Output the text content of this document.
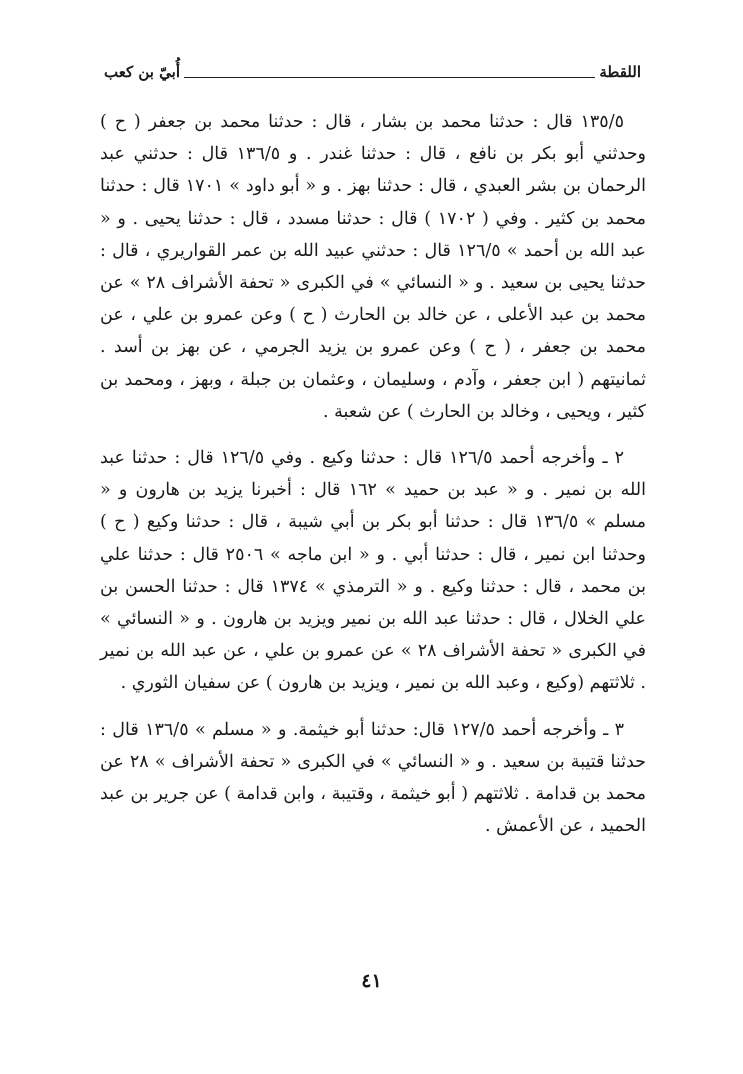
اللقطة
أُبيّ بن كعب

١٣٥/٥ قال : حدثنا محمد بن بشار ، قال : حدثنا محمد بن جعفر ( ح ) وحدثني أبو بكر بن نافع ، قال : حدثنا غندر . و ١٣٦/٥ قال : حدثني عبد الرحمان بن بشر العبدي ، قال : حدثنا بهز . و « أبو داود » ١٧٠١ قال : حدثنا محمد بن كثير . وفي ( ١٧٠٢ ) قال : حدثنا مسدد ، قال : حدثنا يحيى . و « عبد الله بن أحمد » ١٢٦/٥ قال : حدثني عبيد الله بن عمر القواريري ، قال : حدثنا يحيى بن سعيد . و « النسائي » في الكبرى « تحفة الأشراف ٢٨ » عن محمد بن عبد الأعلى ، عن خالد بن الحارث ( ح ) وعن عمرو بن علي ، عن محمد بن جعفر ، ( ح ) وعن عمرو بن يزيد الجرمي ، عن بهز بن أسد . ثمانيتهم ( ابن جعفر ، وآدم ، وسليمان ، وعثمان بن جبلة ، وبهز ، ومحمد بن كثير ، ويحيى ، وخالد بن الحارث ) عن شعبة .

٢ ـ وأخرجه أحمد ١٢٦/٥ قال : حدثنا وكيع . وفي ١٢٦/٥ قال : حدثنا عبد الله بن نمير . و « عبد بن حميد » ١٦٢ قال : أخبرنا يزيد بن هارون و « مسلم » ١٣٦/٥ قال : حدثنا أبو بكر بن أبي شيبة ، قال : حدثنا وكيع ( ح ) وحدثنا ابن نمير ، قال : حدثنا أبي . و « ابن ماجه » ٢٥٠٦ قال : حدثنا علي بن محمد ، قال : حدثنا وكيع . و « الترمذي » ١٣٧٤ قال : حدثنا الحسن بن علي الخلال ، قال : حدثنا عبد الله بن نمير ويزيد بن هارون . و « النسائي » في الكبرى « تحفة الأشراف ٢٨ » عن عمرو بن علي ، عن عبد الله بن نمير . ثلاثتهم (وكيع ، وعبد الله بن نمير ، ويزيد بن هارون ) عن سفيان الثوري .

٣ ـ وأخرجه أحمد ١٢٧/٥ قال: حدثنا أبو خيثمة. و « مسلم » ١٣٦/٥ قال : حدثنا قتيبة بن سعيد . و « النسائي » في الكبرى « تحفة الأشراف » ٢٨ عن محمد بن قدامة . ثلاثتهم ( أبو خيثمة ، وقتيبة ، وابن قدامة ) عن جرير بن عبد الحميد ، عن الأعمش .

٤١
